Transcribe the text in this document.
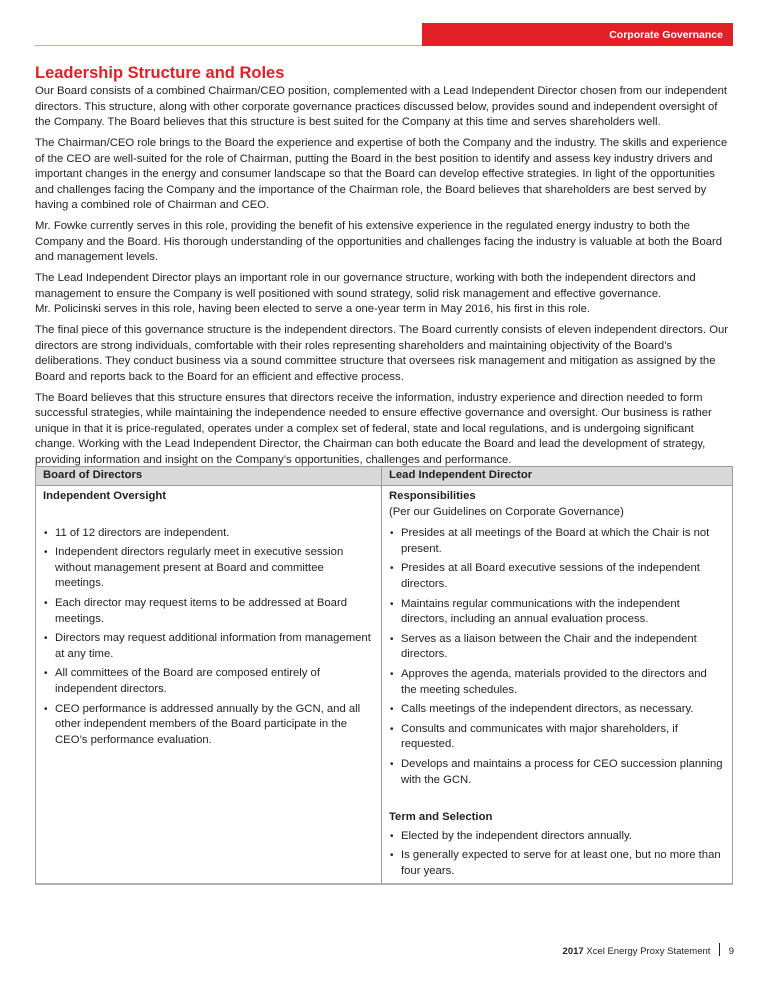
Corporate Governance
Leadership Structure and Roles

Our Board consists of a combined Chairman/CEO position, complemented with a Lead Independent Director chosen from our independent directors. This structure, along with other corporate governance practices discussed below, provides sound and independent oversight of the Company. The Board believes that this structure is best suited for the Company at this time and serves shareholders well.

The Chairman/CEO role brings to the Board the experience and expertise of both the Company and the industry. The skills and experience of the CEO are well-suited for the role of Chairman, putting the Board in the best position to identify and assess key industry drivers and important changes in the energy and consumer landscape so that the Board can develop effective strategies. In light of the opportunities and challenges facing the Company and the importance of the Chairman role, the Board believes that shareholders are best served by having a combined role of Chairman and CEO.

Mr. Fowke currently serves in this role, providing the benefit of his extensive experience in the regulated energy industry to both the Company and the Board. His thorough understanding of the opportunities and challenges facing the industry is valuable at both the Board and management levels.

The Lead Independent Director plays an important role in our governance structure, working with both the independent directors and management to ensure the Company is well positioned with sound strategy, solid risk management and effective governance.
Mr. Policinski serves in this role, having been elected to serve a one-year term in May 2016, his first in this role.

The final piece of this governance structure is the independent directors. The Board currently consists of eleven independent directors. Our directors are strong individuals, comfortable with their roles representing shareholders and maintaining objectivity of the Board’s deliberations. They conduct business via a sound committee structure that oversees risk management and mitigation as assigned by the Board and reports back to the Board for an efficient and effective process.

The Board believes that this structure ensures that directors receive the information, industry experience and direction needed to form successful strategies, while maintaining the independence needed to ensure effective governance and oversight. Our business is rather unique in that it is price-regulated, operates under a complex set of federal, state and local regulations, and is undergoing significant change. Working with the Lead Independent Director, the Chairman can both educate the Board and lead the development of strategy, providing information and insight on the Company’s opportunities, challenges and performance.

Board of Directors	Lead Independent Director

Independent Oversight
• 11 of 12 directors are independent.
• Independent directors regularly meet in executive session without management present at Board and committee meetings.
• Each director may request items to be addressed at Board meetings.
• Directors may request additional information from management at any time.
• All committees of the Board are composed entirely of independent directors.
• CEO performance is addressed annually by the GCN, and all other independent members of the Board participate in the CEO’s performance evaluation.

Responsibilities
(Per our Guidelines on Corporate Governance)
• Presides at all meetings of the Board at which the Chair is not present.
• Presides at all Board executive sessions of the independent directors.
• Maintains regular communications with the independent directors, including an annual evaluation process.
• Serves as a liaison between the Chair and the independent directors.
• Approves the agenda, materials provided to the directors and the meeting schedules.
• Calls meetings of the independent directors, as necessary.
• Consults and communicates with major shareholders, if requested.
• Develops and maintains a process for CEO succession planning with the GCN.
Term and Selection
• Elected by the independent directors annually.
• Is generally expected to serve for at least one, but no more than four years.
2017 Xcel Energy Proxy Statement 9
